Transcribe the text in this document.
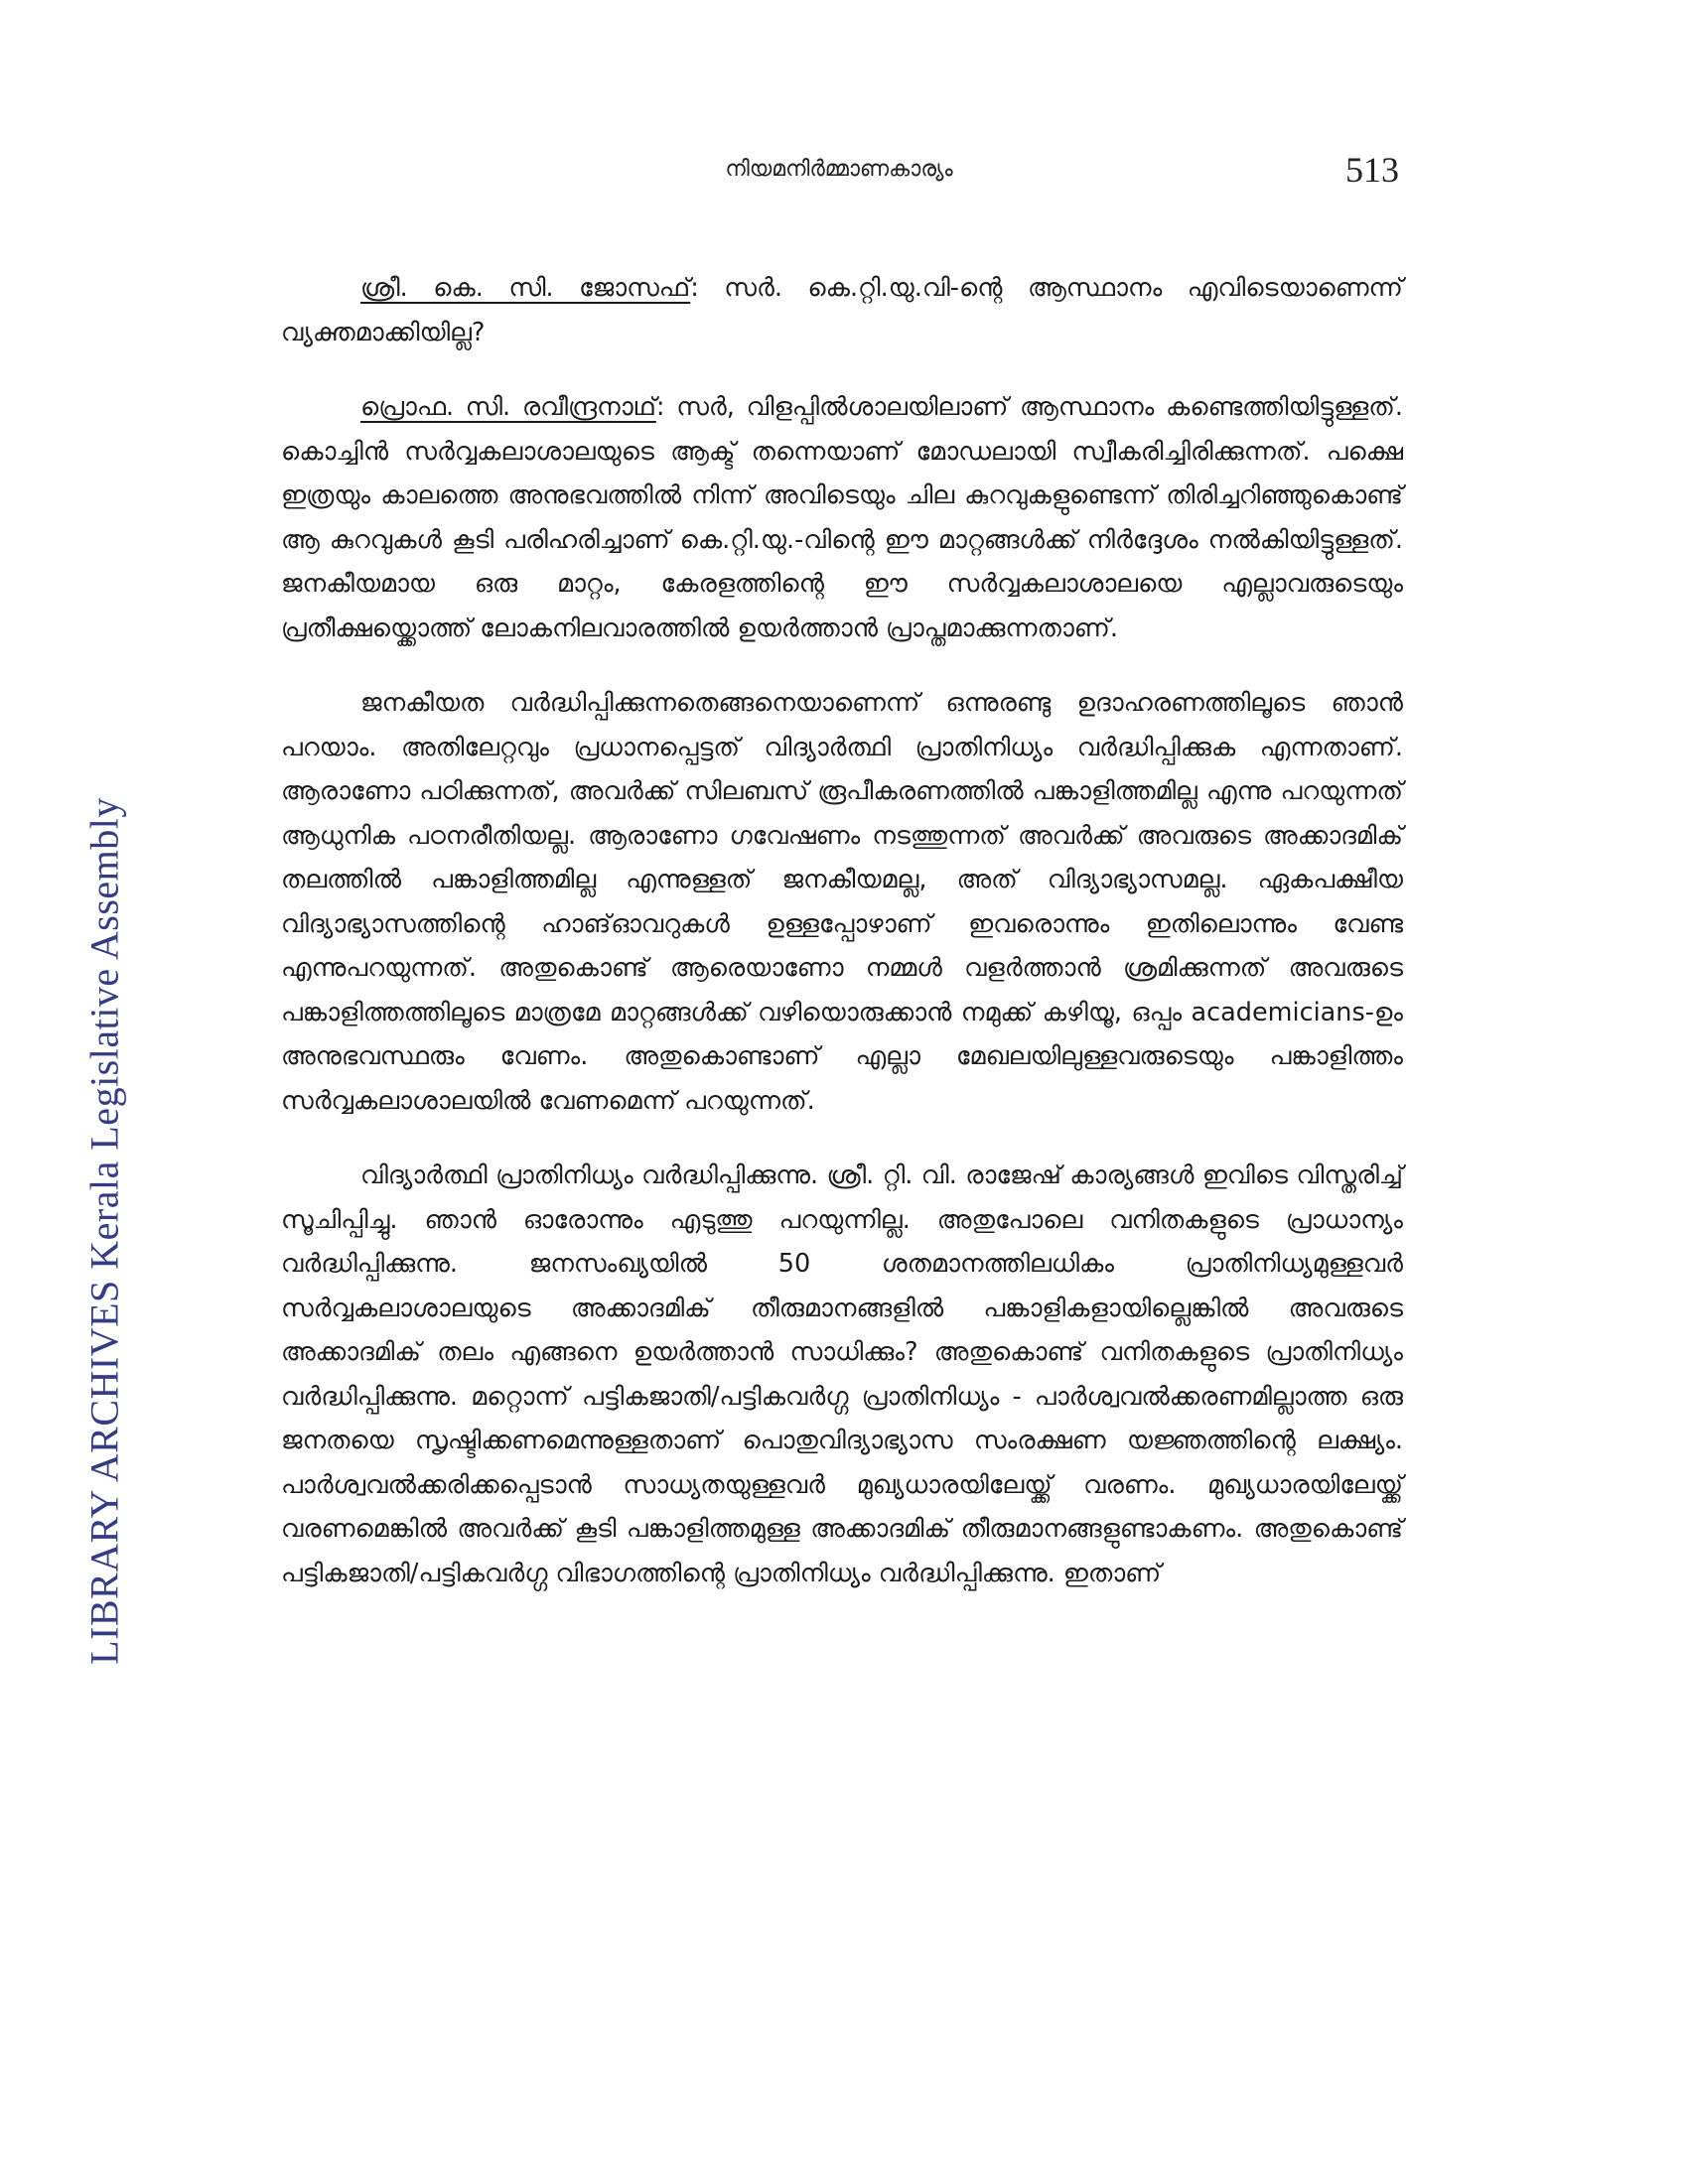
നിയമനിർമ്മാണകാര്യം	513
LIBRARY ARCHIVES Kerala Legislative Assembly

ശ്രീ. കെ. സി. ജോസഫ്: സർ. കെ.റ്റി.യു.വി-ന്റെ ആസ്ഥാനം എവിടെയാണെന്ന് വ്യക്തമാക്കിയില്ല?

പ്രൊഫ. സി. രവീന്ദ്രനാഥ്: സർ, വിളപ്പിൽശാലയിലാണ് ആസ്ഥാനം കണ്ടെത്തിയിട്ടുള്ളത്. കൊച്ചിൻ സർവ്വകലാശാലയുടെ ആക്ട് തന്നെയാണ് മോഡലായി സ്വീകരിച്ചിരിക്കുന്നത്. പക്ഷെ ഇത്രയും കാലത്തെ അനുഭവത്തിൽ നിന്ന് അവിടെയും ചില കുറവുകളുണ്ടെന്ന് തിരിച്ചറിഞ്ഞുകൊണ്ട് ആ കുറവുകൾ കൂടി പരിഹരിച്ചാണ് കെ.റ്റി.യു.-വിന്റെ ഈ മാറ്റങ്ങൾക്ക് നിർദ്ദേശം നൽകിയിട്ടുള്ളത്. ജനകീയമായ ഒരു മാറ്റം, കേരളത്തിന്റെ ഈ സർവ്വകലാശാലയെ എല്ലാവരുടെയും പ്രതീക്ഷയ്ക്കൊത്ത് ലോകനിലവാരത്തിൽ ഉയർത്താൻ പ്രാപ്തമാക്കുന്നതാണ്.

ജനകീയത വർദ്ധിപ്പിക്കുന്നതെങ്ങനെയാണെന്ന് ഒന്നുരണ്ടു ഉദാഹരണത്തിലൂടെ ഞാൻ പറയാം. അതിലേറ്റവും പ്രധാനപ്പെട്ടത് വിദ്യാർത്ഥി പ്രാതിനിധ്യം വർദ്ധിപ്പിക്കുക എന്നതാണ്. ആരാണോ പഠിക്കുന്നത്, അവർക്ക് സിലബസ് രൂപീകരണത്തിൽ പങ്കാളിത്തമില്ല എന്നു പറയുന്നത് ആധുനിക പഠനരീതിയല്ല. ആരാണോ ഗവേഷണം നടത്തുന്നത് അവർക്ക് അവരുടെ അക്കാദമിക് തലത്തിൽ പങ്കാളിത്തമില്ല എന്നുള്ളത് ജനകീയമല്ല, അത് വിദ്യാഭ്യാസമല്ല. ഏകപക്ഷീയ വിദ്യാഭ്യാസത്തിന്റെ ഹാങ്ഓവറുകൾ ഉള്ളപ്പോഴാണ് ഇവരൊന്നും ഇതിലൊന്നും വേണ്ട എന്നുപറയുന്നത്. അതുകൊണ്ട് ആരെയാണോ നമ്മൾ വളർത്താൻ ശ്രമിക്കുന്നത് അവരുടെ പങ്കാളിത്തത്തിലൂടെ മാത്രമേ മാറ്റങ്ങൾക്ക് വഴിയൊരുക്കാൻ നമുക്ക് കഴിയൂ, ഒപ്പം academicians-ഉം അനുഭവസ്ഥരും വേണം. അതുകൊണ്ടാണ് എല്ലാ മേഖലയിലുള്ളവരുടെയും പങ്കാളിത്തം സർവ്വകലാശാലയിൽ വേണമെന്ന് പറയുന്നത്.

വിദ്യാർത്ഥി പ്രാതിനിധ്യം വർദ്ധിപ്പിക്കുന്നു. ശ്രീ. റ്റി. വി. രാജേഷ് കാര്യങ്ങൾ ഇവിടെ വിസ്തരിച്ച് സൂചിപ്പിച്ചു. ഞാൻ ഓരോന്നും എടുത്തു പറയുന്നില്ല. അതുപോലെ വനിതകളുടെ പ്രാധാന്യം വർദ്ധിപ്പിക്കുന്നു. ജനസംഖ്യയിൽ 50 ശതമാനത്തിലധികം പ്രാതിനിധ്യമുള്ളവർ സർവ്വകലാശാലയുടെ അക്കാദമിക് തീരുമാനങ്ങളിൽ പങ്കാളികളായില്ലെങ്കിൽ അവരുടെ അക്കാദമിക് തലം എങ്ങനെ ഉയർത്താൻ സാധിക്കും? അതുകൊണ്ട് വനിതകളുടെ പ്രാതിനിധ്യം വർദ്ധിപ്പിക്കുന്നു. മറ്റൊന്ന് പട്ടികജാതി/പട്ടികവർഗ്ഗ പ്രാതിനിധ്യം - പാർശ്വവൽക്കരണമില്ലാത്ത ഒരു ജനതയെ സൃഷ്ടിക്കണമെന്നുള്ളതാണ് പൊതുവിദ്യാഭ്യാസ സംരക്ഷണ യജ്ഞത്തിന്റെ ലക്ഷ്യം. പാർശ്വവൽക്കരിക്കപ്പെടാൻ സാധ്യതയുള്ളവർ മുഖ്യധാരയിലേയ്ക്ക് വരണം. മുഖ്യധാരയിലേയ്ക്ക് വരണമെങ്കിൽ അവർക്ക് കൂടി പങ്കാളിത്തമുള്ള അക്കാദമിക് തീരുമാനങ്ങളുണ്ടാകണം. അതുകൊണ്ട് പട്ടികജാതി/പട്ടികവർഗ്ഗ വിഭാഗത്തിന്റെ പ്രാതിനിധ്യം വർദ്ധിപ്പിക്കുന്നു. ഇതാണ്
